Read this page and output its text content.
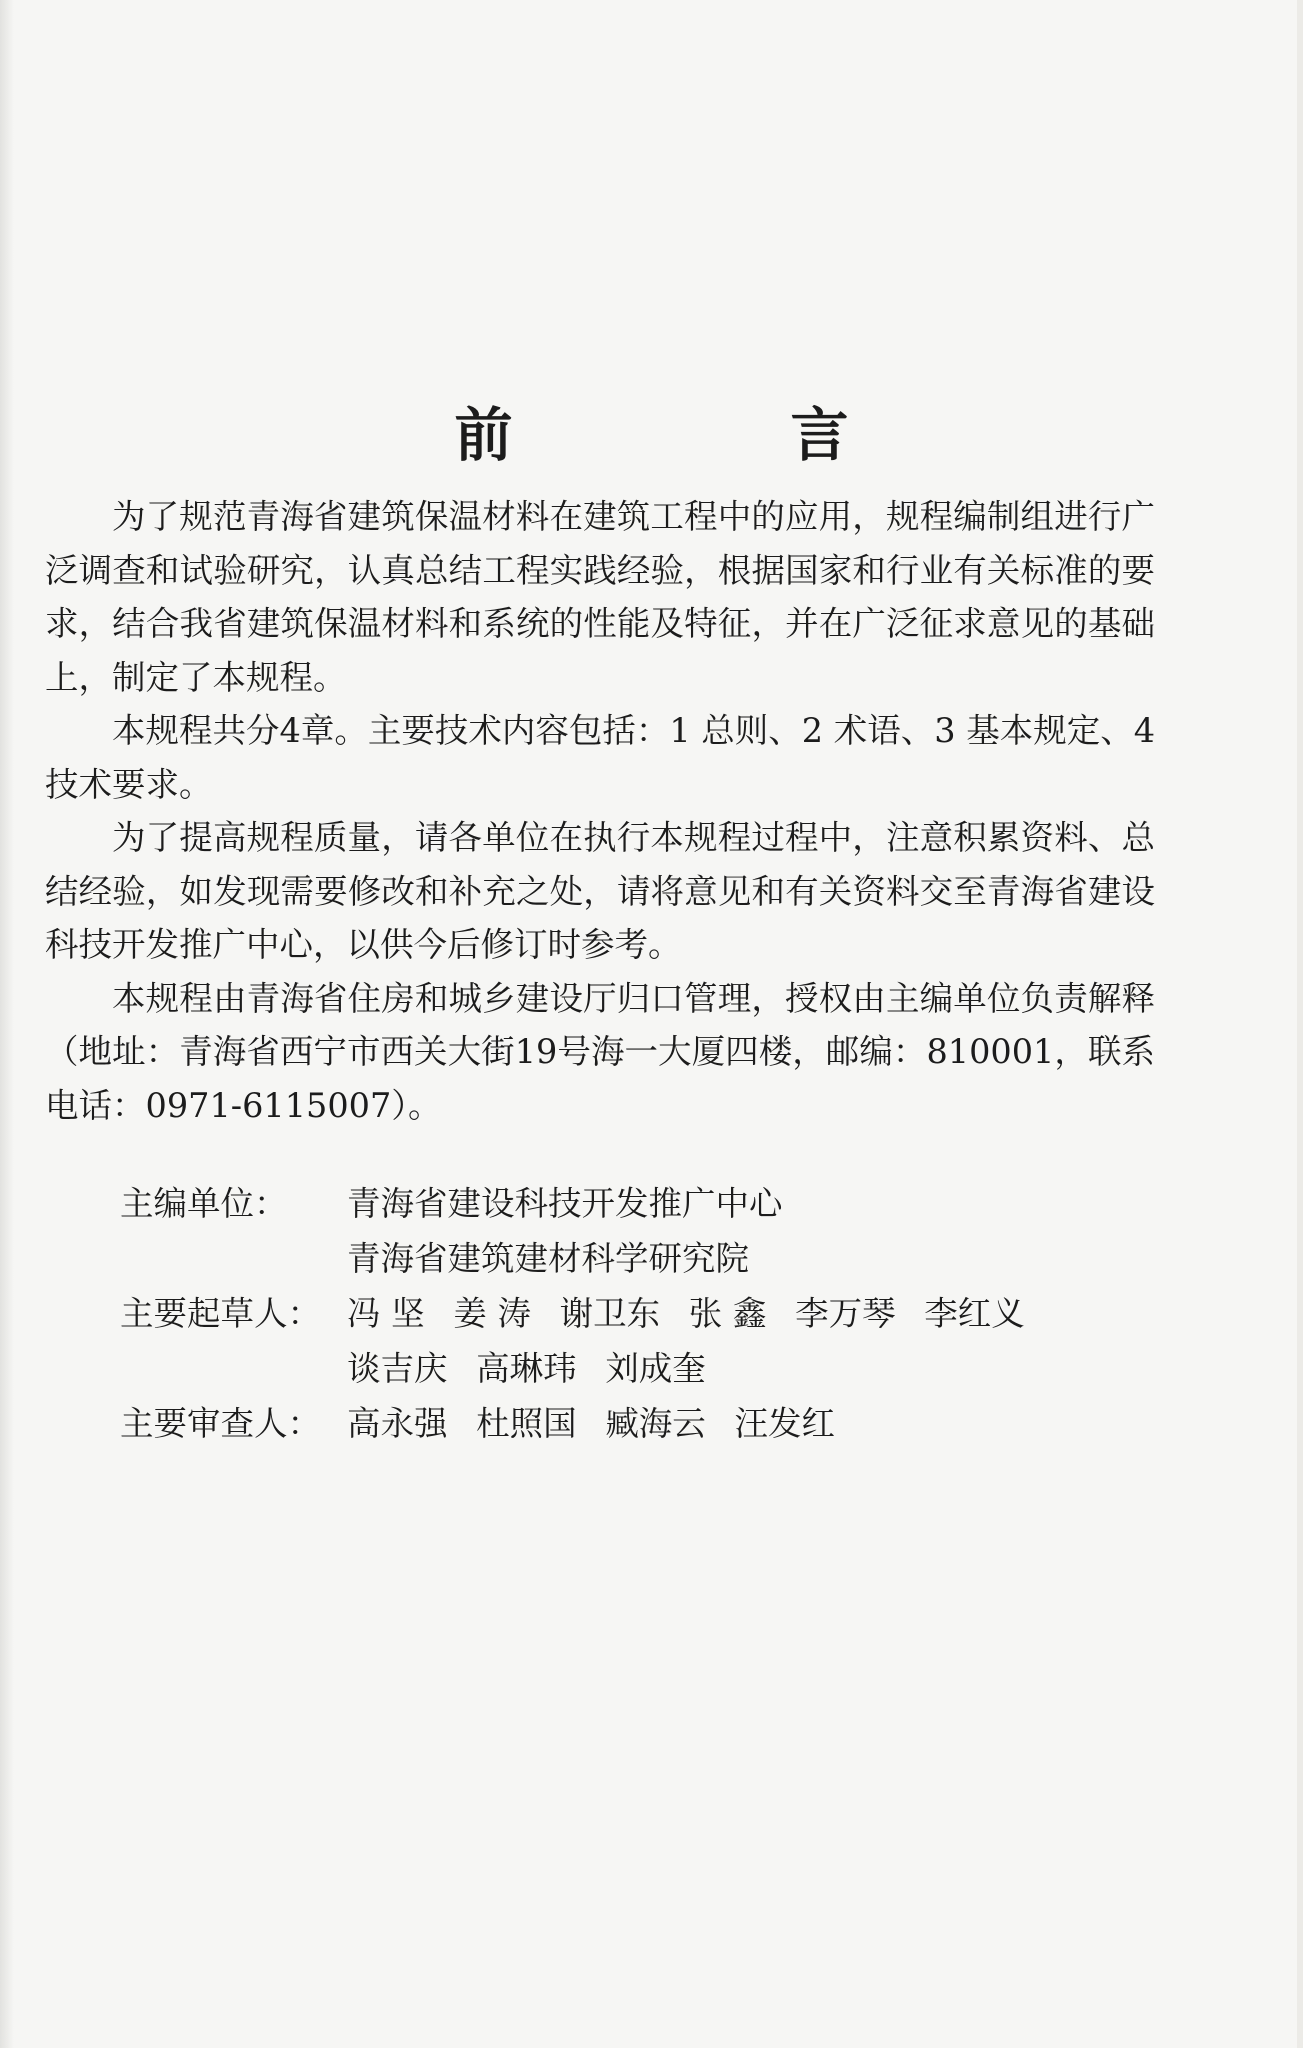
前　言

为了规范青海省建筑保温材料在建筑工程中的应用，规程编制组进行广泛调查和试验研究，认真总结工程实践经验，根据国家和行业有关标准的要求，结合我省建筑保温材料和系统的性能及特征，并在广泛征求意见的基础上，制定了本规程。

本规程共分4章。主要技术内容包括：1 总则、2 术语、3 基本规定、4 技术要求。

为了提高规程质量，请各单位在执行本规程过程中，注意积累资料、总结经验，如发现需要修改和补充之处，请将意见和有关资料交至青海省建设科技开发推广中心，以供今后修订时参考。

本规程由青海省住房和城乡建设厅归口管理，授权由主编单位负责解释（地址：青海省西宁市西关大街19号海一大厦四楼，邮编：810001，联系电话：0971-6115007）。

主编单位：	青海省建设科技开发推广中心
青海省建筑建材科学研究院
主要起草人： 冯 坚 姜 涛 谢卫东 张 鑫 李万琴 李红义
谈吉庆 高琳玮 刘成奎
主要审查人： 高永强 杜照国 臧海云 汪发红
